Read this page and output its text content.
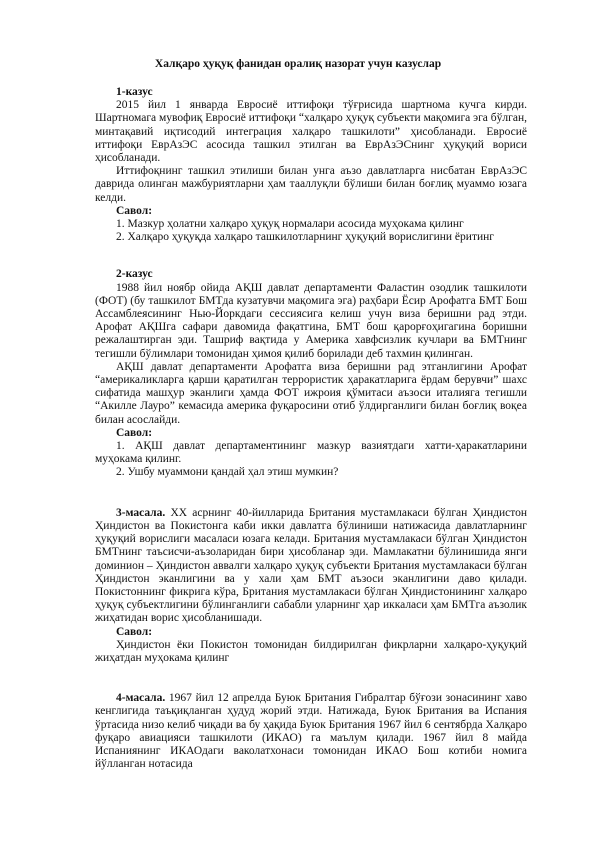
Халқаро ҳуқуқ фанидан оралиқ назорат учун казуслар

1-казус

2015 йил 1 январда Евросиё иттифоқи тўғрисида шартнома кучга кирди. Шартномага мувофиқ Евросиё иттифоқи “халқаро ҳуқуқ субъекти мақомига эга бўлган, минтақавий иқтисодий интеграция халқаро ташкилоти” ҳисобланади. Евросиё иттифоқи ЕврАзЭС асосида ташкил этилган ва ЕврАзЭСнинг ҳуқуқий вориси ҳисобланади.

Иттифоқнинг ташкил этилиши билан унга аъзо давлатларга нисбатан ЕврАзЭС даврида олинган мажбуриятларни ҳам тааллуқли бўлиши билан боғлиқ муаммо юзага келди.

Савол:

1. Мазкур ҳолатни халқаро ҳуқуқ нормалари асосида муҳокама қилинг

2. Халқаро ҳуқуқда халқаро ташкилотларнинг ҳуқуқий ворислигини ёритинг

2-казус

1988 йил ноябр ойида АҚШ давлат департаменти Фаластин озодлик ташкилоти (ФОТ) (бу ташкилот БМТда кузатувчи мақомига эга) раҳбари Ёсир Арофатга БМТ Бош Ассамблеясининг Нью-Йоркдаги сессиясига келиш учун виза беришни рад этди. Арофат АҚШга сафари давомида фақатгина, БМТ бош қарорғоҳигагина боришни режалаштирган эди. Ташриф вақтида у Америка хавфсизлик кучлари ва БМТнинг тегишли бўлимлари томонидан ҳимоя қилиб борилади деб тахмин қилинган.

АҚШ давлат департаменти Арофатга виза беришни рад этганлигини Арофат “америкаликларга қарши қаратилган террористик ҳаракатларига ёрдам берувчи” шахс сифатида машҳур эканлиги ҳамда ФОТ ижроия қўмитаси аъзоси италияга тегишли “Акилле Лауро” кемасида америка фуқаросини отиб ўлдирганлиги билан боғлиқ воқеа билан асослайди.

Савол:

1. АҚШ давлат департаментининг мазкур вазиятдаги хатти-ҳаракатларини муҳокама қилинг.

2. Ушбу муаммони қандай ҳал этиш мумкин?

3-масала. ХХ асрнинг 40-йилларида Британия мустамлакаси бўлган Ҳиндистон Ҳиндистон ва Покистонга каби икки давлатга бўлиниши натижасида давлатларнинг ҳуқуқий ворислиги масаласи юзага келади. Британия мустамлакаси бўлган Ҳиндистон БМТнинг таъсисчи-аъзоларидан бири ҳисобланар эди. Мамлакатни бўлинишида янги доминион – Ҳиндистон аввалги халқаро ҳуқуқ субъекти Британия мустамлакаси бўлган Ҳиндистон эканлигини ва у хали ҳам БМТ аъзоси эканлигини даво қилади. Покистоннинг фикрига кўра, Британия мустамлакаси бўлган Ҳиндистонининг халқаро ҳуқуқ субъектлигини бўлинганлиги сабабли уларнинг ҳар иккаласи ҳам БМТга аъзолик жиҳатидан ворис ҳисобланишади.

Савол:

Ҳиндистон ёки Покистон томонидан билдирилган фикрларни халқаро-ҳуқуқий жиҳатдан муҳокама қилинг

4-масала. 1967 йил 12 апрелда Буюк Британия Гибралтар бўғози зонасининг хаво кенглигида таъқиқланган ҳудуд жорий этди. Натижада, Буюк Британия ва Испания ўртасида низо келиб чиқади ва бу ҳақида Буюк Британия 1967 йил 6 сентябрда Халқаро фуқаро авиацияси ташкилоти (ИКАО) га маълум қилади. 1967 йил 8 майда Испаниянинг ИКАОдаги ваколатхонаси томонидан ИКАО Бош котиби номига йўлланган нотасида
